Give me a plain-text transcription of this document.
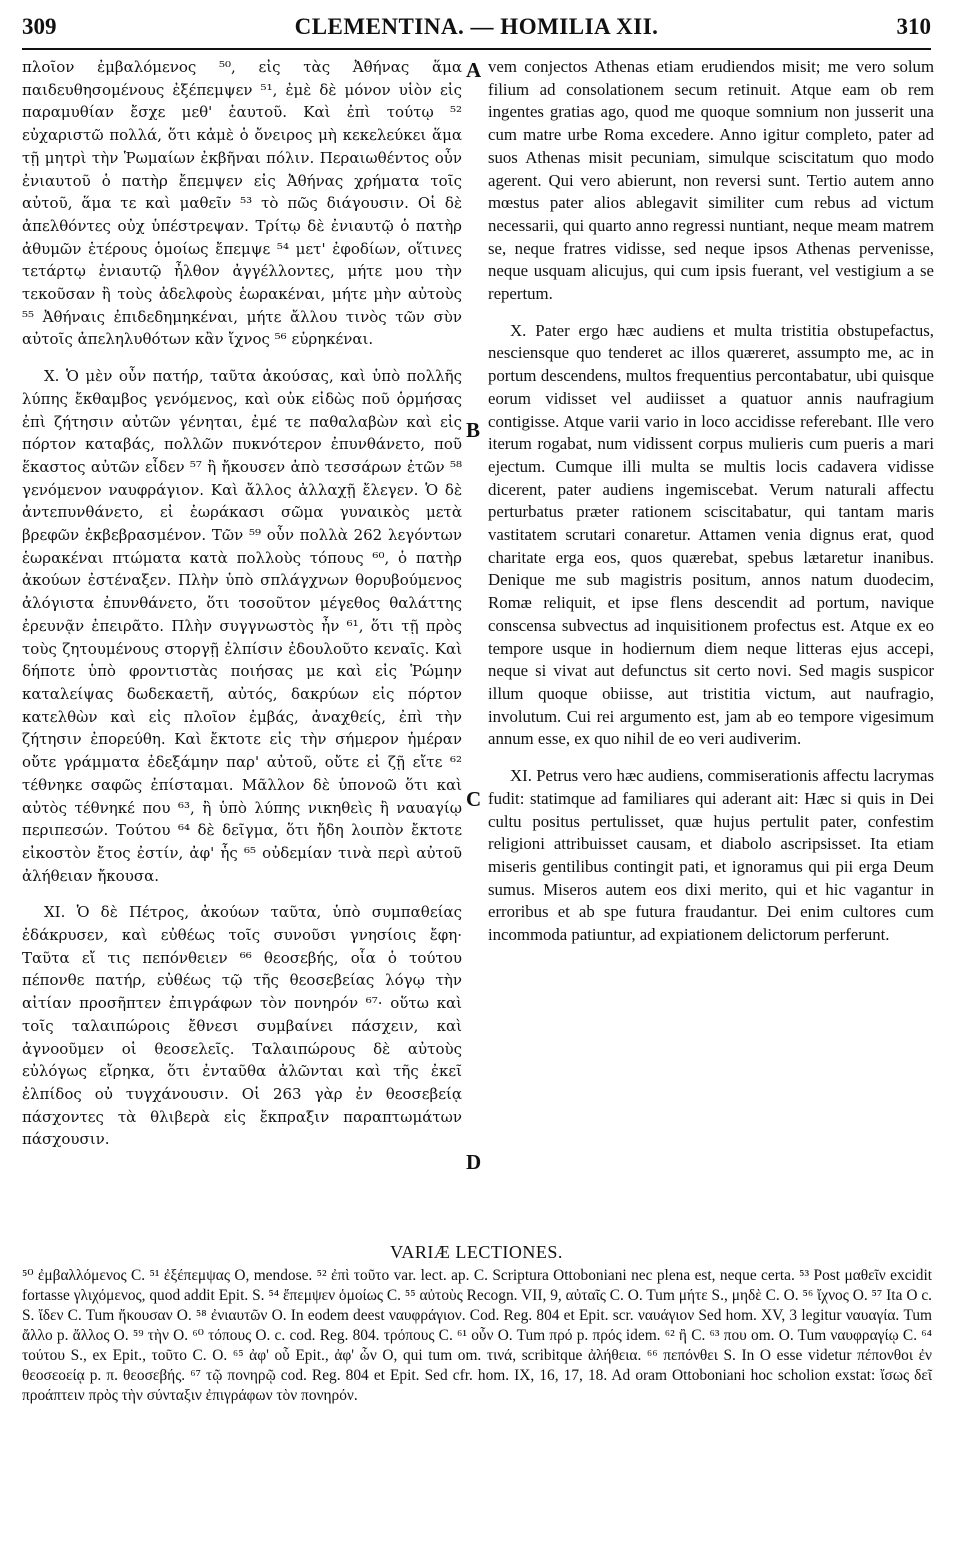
309	CLEMENTINA. — HOMILIA XII.	310

πλοῖον ἐμβαλόμενος ⁵⁰, εἰς τὰς Ἀθήνας ἅμα παιδευθησομένους ἐξέπεμψεν ⁵¹, ἐμὲ δὲ μόνον υἱὸν εἰς παραμυθίαν ἔσχε μεθ' ἑαυτοῦ. Καὶ ἐπὶ τούτῳ ⁵² εὐχαριστῶ πολλά, ὅτι κἀμὲ ὁ ὄνειρος μὴ κεκελεύκει ἅμα τῇ μητρὶ τὴν Ῥωμαίων ἐκβῆναι πόλιν. Περαιωθέντος οὖν ἐνιαυτοῦ ὁ πατὴρ ἔπεμψεν εἰς Ἀθήνας χρήματα τοῖς αὐτοῦ, ἅμα τε καὶ μαθεῖν ⁵³ τὸ πῶς διάγουσιν. Οἱ δὲ ἀπελθόντες οὐχ ὑπέστρεψαν. Τρίτῳ δὲ ἐνιαυτῷ ὁ πατὴρ ἀθυμῶν ἑτέρους ὁμοίως ἔπεμψε ⁵⁴ μετ' ἐφοδίων, οἵτινες τετάρτῳ ἐνιαυτῷ ἦλθον ἀγγέλλοντες, μήτε μου τὴν τεκοῦσαν ἢ τοὺς ἀδελφοὺς ἑωρακέναι, μήτε μὴν αὐτοὺς ⁵⁵ Ἀθήναις ἐπιδεδημηκέναι, μήτε ἄλλου τινὸς τῶν σὺν αὐτοῖς ἀπεληλυθότων κἂν ἴχνος ⁵⁶ εὑρηκέναι.

X. Ὁ μὲν οὖν πατήρ, ταῦτα ἀκούσας, καὶ ὑπὸ πολλῆς λύπης ἔκθαμβος γενόμενος, καὶ οὐκ εἰδὼς ποῦ ὁρμήσας ἐπὶ ζήτησιν αὐτῶν γένηται, ἐμέ τε παθαλαβὼν καὶ εἰς πόρτον καταβάς, πολλῶν πυκνότερον ἐπυνθάνετο, ποῦ ἕκαστος αὐτῶν εἶδεν ⁵⁷ ἢ ἤκουσεν ἀπὸ τεσσάρων ἐτῶν ⁵⁸ γενόμενον ναυφράγιον. Καὶ ἄλλος ἀλλαχῇ ἔλεγεν. Ὁ δὲ ἀντεπυνθάνετο, εἰ ἑωράκασι σῶμα γυναικὸς μετὰ βρεφῶν ἐκβεβρασμένον. Τῶν ⁵⁹ οὖν πολλὰ 262 λεγόντων ἑωρακέναι πτώματα κατὰ πολλοὺς τόπους ⁶⁰, ὁ πατὴρ ἀκούων ἐστέναξεν. Πλὴν ὑπὸ σπλάγχνων θορυβούμενος ἀλόγιστα ἐπυνθάνετο, ὅτι τοσοῦτον μέγεθος θαλάττης ἐρευνᾷν ἐπειρᾶτο. Πλὴν συγγνωστὸς ἦν ⁶¹, ὅτι τῇ πρὸς τοὺς ζητουμένους στοργῇ ἐλπίσιν ἐδουλοῦτο κεναῖς. Καὶ δήποτε ὑπὸ φροντιστὰς ποιήσας με καὶ εἰς Ῥώμην καταλείψας δωδεκαετῆ, αὐτός, δακρύων εἰς πόρτον κατελθὼν καὶ εἰς πλοῖον ἐμβάς, ἀναχθείς, ἐπὶ τὴν ζήτησιν ἐπορεύθη. Καὶ ἔκτοτε εἰς τὴν σήμερον ἡμέραν οὔτε γράμματα ἐδεξάμην παρ' αὐτοῦ, οὔτε εἰ ζῇ εἴτε ⁶² τέθνηκε σαφῶς ἐπίσταμαι. Μᾶλλον δὲ ὑπονοῶ ὅτι καὶ αὐτὸς τέθνηκέ που ⁶³, ἢ ὑπὸ λύπης νικηθεὶς ἢ ναυαγίῳ περιπεσών. Τούτου ⁶⁴ δὲ δεῖγμα, ὅτι ἤδη λοιπὸν ἔκτοτε εἰκοστὸν ἔτος ἐστίν, ἀφ' ἧς ⁶⁵ οὐδεμίαν τινὰ περὶ αὐτοῦ ἀλήθειαν ἤκουσα.

XI. Ὁ δὲ Πέτρος, ἀκούων ταῦτα, ὑπὸ συμπαθείας ἐδάκρυσεν, καὶ εὐθέως τοῖς συνοῦσι γνησίοις ἔφη· Ταῦτα εἴ τις πεπόνθειεν ⁶⁶ θεοσεβής, οἷα ὁ τούτου πέπονθε πατήρ, εὐθέως τῷ τῆς θεοσεβείας λόγῳ τὴν αἰτίαν προσῆπτεν ἐπιγράφων τὸν πονηρόν ⁶⁷· οὕτω καὶ τοῖς ταλαιπώροις ἔθνεσι συμβαίνει πάσχειν, καὶ ἀγνοοῦμεν οἱ θεοσελεῖς. Ταλαιπώρους δὲ αὐτοὺς εὐλόγως εἴρηκα, ὅτι ἐνταῦθα ἀλῶνται καὶ τῆς ἐκεῖ ἐλπίδος οὐ τυγχάνουσιν. Οἱ 263 γὰρ ἐν θεοσεβείᾳ πάσχοντες τὰ θλιβερὰ εἰς ἔκπραξιν παραπτωμάτων πάσχουσιν.

A
B
C
D

vem conjectos Athenas etiam erudiendos misit; me vero solum filium ad consolationem secum retinuit. Atque eam ob rem ingentes gratias ago, quod me quoque somnium non jusserit una cum matre urbe Roma excedere. Anno igitur completo, pater ad suos Athenas misit pecuniam, simulque sciscitatum quo modo agerent. Qui vero abierunt, non reversi sunt. Tertio autem anno mœstus pater alios ablegavit similiter cum rebus ad victum necessarii, qui quarto anno regressi nuntiant, neque meam matrem se, neque fratres vidisse, sed neque ipsos Athenas pervenisse, neque usquam alicujus, qui cum ipsis fuerant, vel vestigium a se repertum.

X. Pater ergo hæc audiens et multa tristitia obstupefactus, nesciensque quo tenderet ac illos quæreret, assumpto me, ac in portum descendens, multos frequentius percontabatur, ubi quisque eorum vidisset vel audiisset a quatuor annis naufragium contigisse. Atque varii vario in loco accidisse referebant. Ille vero iterum rogabat, num vidissent corpus mulieris cum pueris a mari ejectum. Cumque illi multa se multis locis cadavera vidisse dicerent, pater audiens ingemiscebat. Verum naturali affectu perturbatus præter rationem sciscitabatur, qui tantam maris vastitatem scrutari conaretur. Attamen venia dignus erat, quod charitate erga eos, quos quærebat, spebus lætaretur inanibus. Denique me sub magistris positum, annos natum duodecim, Romæ reliquit, et ipse flens descendit ad portum, navique conscensa subvectus ad inquisitionem profectus est. Atque ex eo tempore usque in hodiernum diem neque litteras ejus accepi, neque si vivat aut defunctus sit certo novi. Sed magis suspicor illum quoque obiisse, aut tristitia victum, aut naufragio, involutum. Cui rei argumento est, jam ab eo tempore vigesimum annum esse, ex quo nihil de eo veri audiverim.

XI. Petrus vero hæc audiens, commiserationis affectu lacrymas fudit: statimque ad familiares qui aderant ait: Hæc si quis in Dei cultu positus pertulisset, quæ hujus pertulit pater, confestim religioni attribuisset causam, et diabolo ascripsisset. Ita etiam miseris gentilibus contingit pati, et ignoramus qui pii erga Deum sumus. Miseros autem eos dixi merito, qui et hic vagantur in erroribus et ab spe futura fraudantur. Dei enim cultores cum incommoda patiuntur, ad expiationem delictorum perferunt.

VARIÆ LECTIONES.

⁵⁰ ἐμβαλλόμενος C. ⁵¹ ἐξέπεμψας O, mendose. ⁵² ἐπὶ τοῦτο var. lect. ap. C. Scriptura Ottoboniani nec plena est, neque certa. ⁵³ Post μαθεῖν excidit fortasse γλιχόμενος, quod addit Epit. S. ⁵⁴ ἔπεμψεν ὁμοίως C. ⁵⁵ αὐτοὺς Recogn. VII, 9, αὐταῖς C. O. Tum μήτε S., μηδὲ C. O. ⁵⁶ ἴχνος O. ⁵⁷ Ita O c. S. ἴδεν C. Tum ἤκουσαν O. ⁵⁸ ἐνιαυτῶν O. In eodem deest ναυφράγιον. Cod. Reg. 804 et Epit. scr. ναυάγιον Sed hom. XV, 3 legitur ναυαγία. Tum ἄλλο p. ἄλλος O. ⁵⁹ τὴν O. ⁶⁰ τόπους O. c. cod. Reg. 804. τρόπους C. ⁶¹ οὖν O. Tum πρό p. πρός idem. ⁶² ἢ C. ⁶³ που om. O. Tum ναυφραγίῳ C. ⁶⁴ τούτου S., ex Epit., τοῦτο C. O. ⁶⁵ ἀφ' οὗ Epit., ἀφ' ὧν O, qui tum om. τινά, scribitque ἀλήθεια. ⁶⁶ πεπόνθει S. In O esse videtur πέπονθοι ἐν θεοσεοείᾳ p. π. θεοσεβής. ⁶⁷ τῷ πονηρῷ cod. Reg. 804 et Epit. Sed cfr. hom. IX, 16, 17, 18. Ad oram Ottoboniani hoc scholion exstat: ἴσως δεῖ προάπτειν πρὸς τὴν σύνταξιν ἐπιγράφων τὸν πονηρόν.
